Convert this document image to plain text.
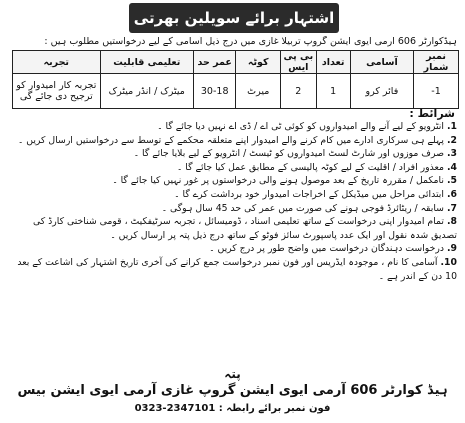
اشتہار برائے سویلین بھرتی
ہیڈکوارٹر 606 آرمی ایوی ایشن گروپ تربیلا غازی میں درج ذیل آسامی کے لیے درخواستیں مطلوب ہیں :
نمبر شمار	آسامی	تعداد	بی پی ایس	کوٹہ	عمر حد	تعلیمی قابلیت	تجربہ
1-	فائر کرو	1	2	میرٹ	30-18	میٹرک / انڈر میٹرک	تجربہ کار امیدوار کو ترجیح دی جائے گی
شرائط :
1.انٹرویو کے لیے آنے والے امیدواروں کو کوئی ٹی اے / ڈی اے نہیں دیا جائے گا ۔
2.پہلے ہی سرکاری ادارے میں کام کرنے والے امیدوار اپنے متعلقہ محکمے کے توسط سے درخواستیں ارسال کریں ۔
3.صرف موزوں اور شارٹ لسٹ امیدواروں کو ٹیسٹ / انٹرویو کے لیے بلایا جائے گا ۔
4.معذور افراد / اقلیت کے لیے کوٹہ پالیسی کے مطابق عمل کیا جائے گا ۔
5.نامکمل / مقررہ تاریخ کے بعد موصول ہونے والی درخواستوں پر غور نہیں کیا جائے گا ۔
6.ابتدائی مراحل میں میڈیکل کے اخراجات امیدوار خود برداشت کرے گا ۔
7.سابقہ / ریٹائرڈ فوجی ہونے کی صورت میں عمر کی حد 45 سال ہوگی ۔
8.تمام امیدوار اپنی درخواست کے ساتھ تعلیمی اسناد ، ڈومیسائل ، تجربہ سرٹیفکیٹ ، قومی شناختی کارڈ کی تصدیق شدہ نقول اور ایک عدد پاسپورٹ سائز فوٹو کے ساتھ درج ذیل پتہ پر ارسال کریں ۔
9.درخواست دہندگان درخواست میں واضح طور پر درج کریں ۔
10.آسامی کا نام ، موجودہ ایڈریس اور فون نمبر درخواست جمع کرانے کی آخری تاریخ اشتہار کی اشاعت کے بعد 10 دن کے اندر ہے ۔
پتہ
ہیڈ کوارٹر 606 آرمی ایوی ایشن گروپ غازی آرمی ایوی ایشن بیس
فون نمبر برائے رابطہ : 0323-2347101
